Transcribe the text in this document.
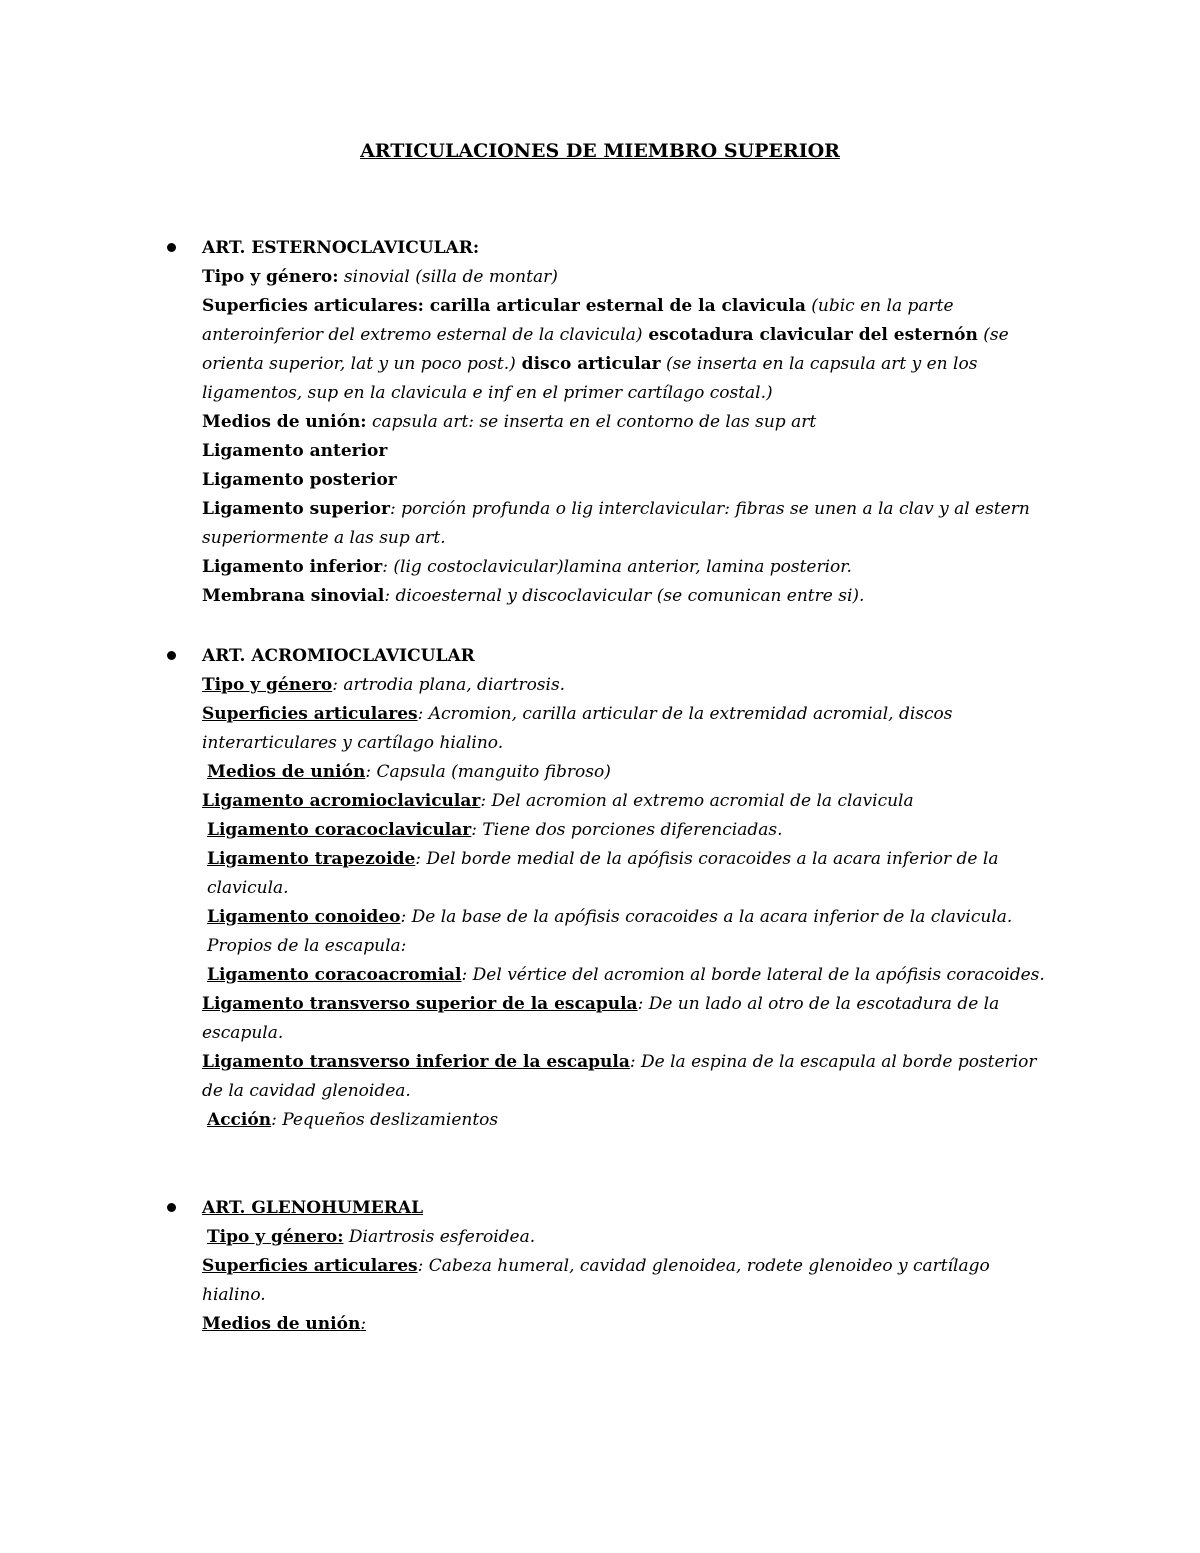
ARTICULACIONES DE MIEMBRO SUPERIOR
ART. ESTERNOCLAVICULAR:
Tipo y género: sinovial (silla de montar)
Superficies articulares: carilla articular esternal de la clavicula (ubic en la parte anteroinferior del extremo esternal de la clavicula) escotadura clavicular del esternón (se orienta superior, lat y un poco post.) disco articular (se inserta en la capsula art y en los ligamentos, sup en la clavicula e inf en el primer cartílago costal.)
Medios de unión: capsula art: se inserta en el contorno de las sup art
Ligamento anterior
Ligamento posterior
Ligamento superior: porción profunda o lig interclavicular: fibras se unen a la clav y al estern superiormente a las sup art.
Ligamento inferior: (lig costoclavicular)lamina anterior, lamina posterior.
Membrana sinovial: dicoesternal y discoclavicular (se comunican entre si).
ART. ACROMIOCLAVICULAR
Tipo y género: artrodia plana, diartrosis.
Superficies articulares: Acromion, carilla articular de la extremidad acromial, discos interarticulares y cartílago hialino.
Medios de unión: Capsula (manguito fibroso)
Ligamento acromioclavicular: Del acromion al extremo acromial de la clavicula
Ligamento coracoclavicular: Tiene dos porciones diferenciadas.
Ligamento trapezoide: Del borde medial de la apófisis coracoides a la acara inferior de la clavicula.
Ligamento conoideo: De la base de la apófisis coracoides a la acara inferior de la clavicula.
Propios de la escapula:
Ligamento coracoacromial: Del vértice del acromion al borde lateral de la apófisis coracoides.
Ligamento transverso superior de la escapula: De un lado al otro de la escotadura de la escapula.
Ligamento transverso inferior de la escapula: De la espina de la escapula al borde posterior de la cavidad glenoidea.
Acción: Pequeños deslizamientos
ART. GLENOHUMERAL
Tipo y género: Diartrosis esferoidea.
Superficies articulares: Cabeza humeral, cavidad glenoidea, rodete glenoideo y cartílago hialino.
Medios de unión:
